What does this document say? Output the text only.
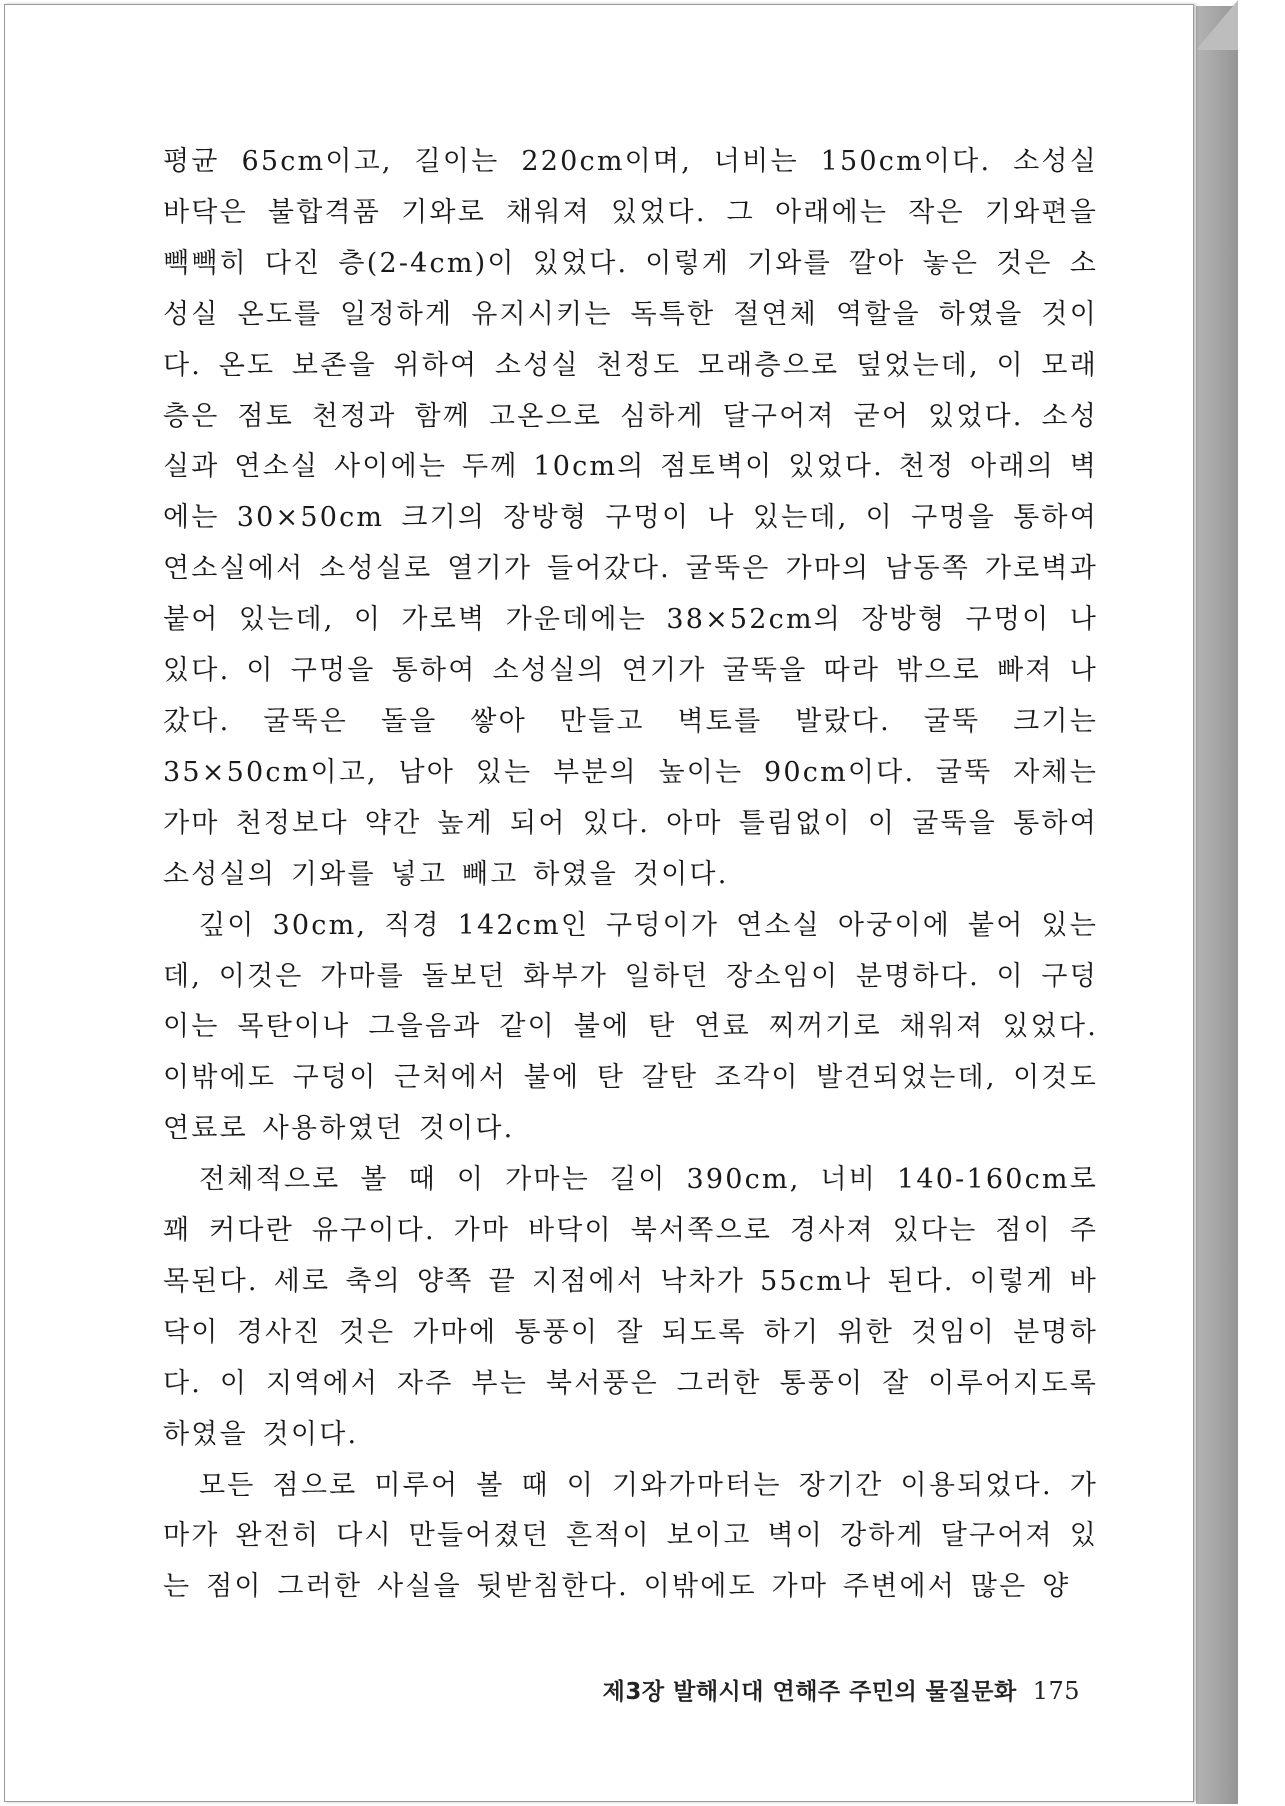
평균 65cm이고, 길이는 220cm이며, 너비는 150cm이다. 소성실 바닥은 불합격품 기와로 채워져 있었다. 그 아래에는 작은 기와편을 빽빽히 다진 층(2-4cm)이 있었다. 이렇게 기와를 깔아 놓은 것은 소성실 온도를 일정하게 유지시키는 독특한 절연체 역할을 하였을 것이다. 온도 보존을 위하여 소성실 천정도 모래층으로 덮었는데, 이 모래층은 점토 천정과 함께 고온으로 심하게 달구어져 굳어 있었다. 소성실과 연소실 사이에는 두께 10cm의 점토벽이 있었다. 천정 아래의 벽에는 30×50cm 크기의 장방형 구멍이 나 있는데, 이 구멍을 통하여 연소실에서 소성실로 열기가 들어갔다. 굴뚝은 가마의 남동쪽 가로벽과 붙어 있는데, 이 가로벽 가운데에는 38×52cm의 장방형 구멍이 나 있다. 이 구멍을 통하여 소성실의 연기가 굴뚝을 따라 밖으로 빠져 나갔다. 굴뚝은 돌을 쌓아 만들고 벽토를 발랐다. 굴뚝 크기는 35×50cm이고, 남아 있는 부분의 높이는 90cm이다. 굴뚝 자체는 가마 천정보다 약간 높게 되어 있다. 아마 틀림없이 이 굴뚝을 통하여 소성실의 기와를 넣고 빼고 하였을 것이다.

깊이 30cm, 직경 142cm인 구덩이가 연소실 아궁이에 붙어 있는데, 이것은 가마를 돌보던 화부가 일하던 장소임이 분명하다. 이 구덩이는 목탄이나 그을음과 같이 불에 탄 연료 찌꺼기로 채워져 있었다. 이밖에도 구덩이 근처에서 불에 탄 갈탄 조각이 발견되었는데, 이것도 연료로 사용하였던 것이다.

전체적으로 볼 때 이 가마는 길이 390cm, 너비 140-160cm로 꽤 커다란 유구이다. 가마 바닥이 북서쪽으로 경사져 있다는 점이 주목된다. 세로 축의 양쪽 끝 지점에서 낙차가 55cm나 된다. 이렇게 바닥이 경사진 것은 가마에 통풍이 잘 되도록 하기 위한 것임이 분명하다. 이 지역에서 자주 부는 북서풍은 그러한 통풍이 잘 이루어지도록 하였을 것이다.

모든 점으로 미루어 볼 때 이 기와가마터는 장기간 이용되었다. 가마가 완전히 다시 만들어졌던 흔적이 보이고 벽이 강하게 달구어져 있는 점이 그러한 사실을 뒷받침한다. 이밖에도 가마 주변에서 많은 양

제3장 발해시대 연해주 주민의 물질문화 175
